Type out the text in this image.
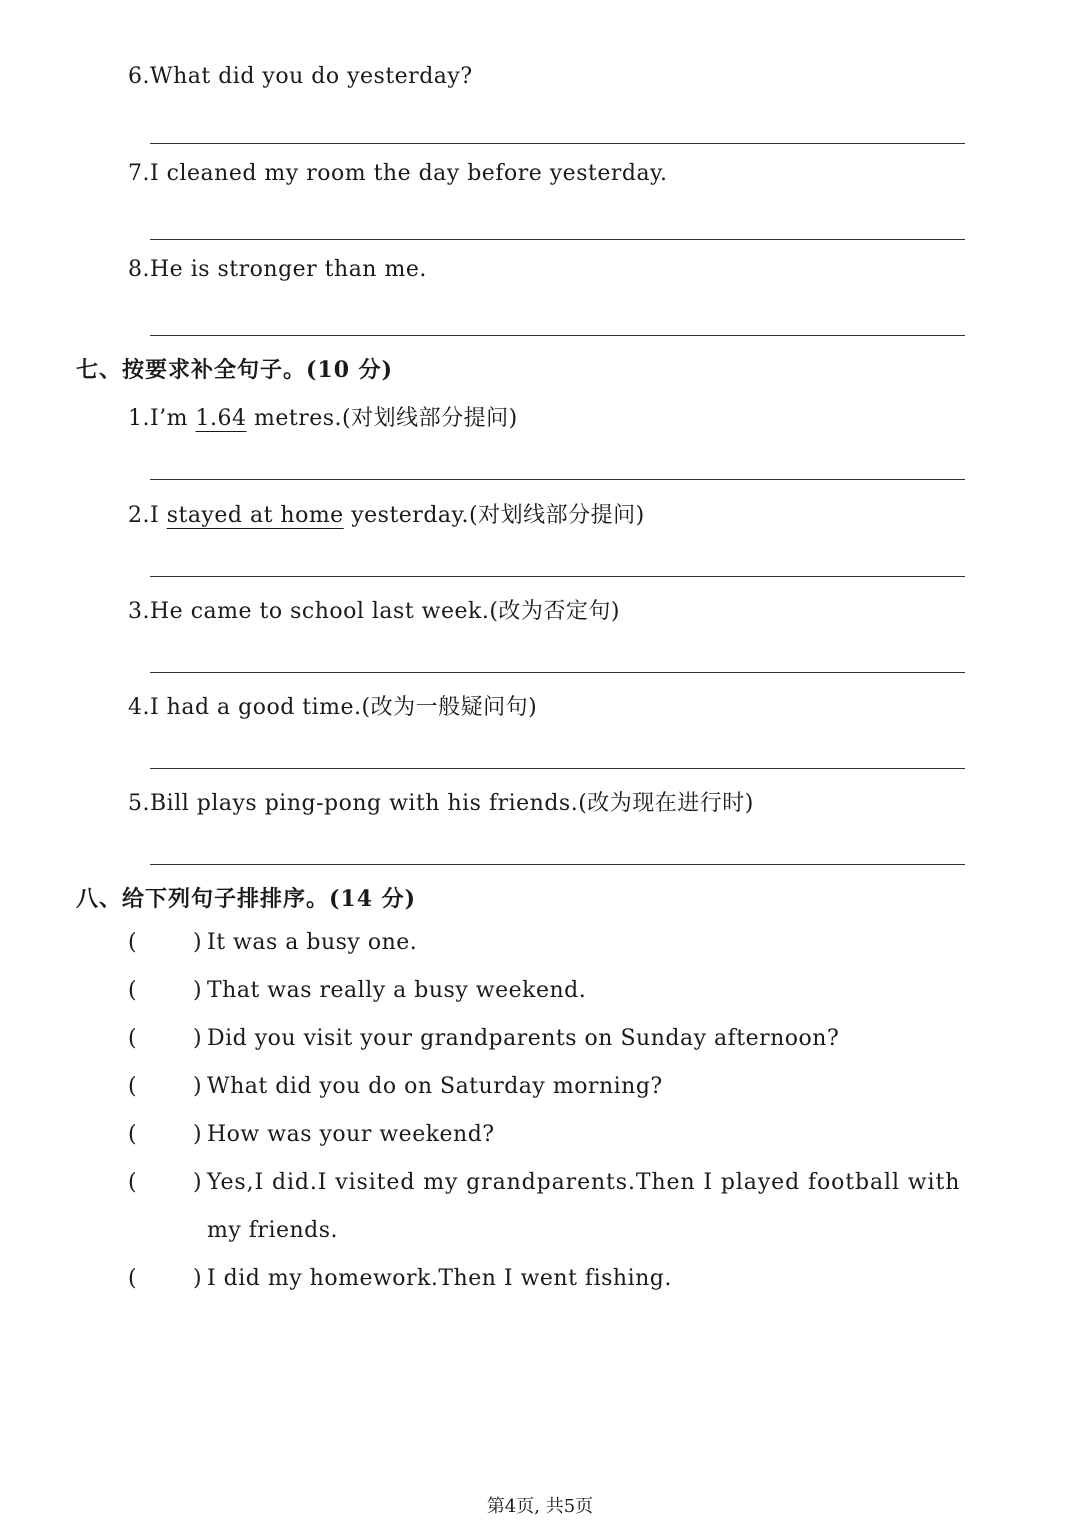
6.What did you do yesterday?
7.I cleaned my room the day before yesterday.
8.He is stronger than me.
七、按要求补全句子。(10 分)
1.I’m 1.64 metres.(对划线部分提问)
2.I stayed at home yesterday.(对划线部分提问)
3.He came to school last week.(改为否定句)
4.I had a good time.(改为一般疑问句)
5.Bill plays ping-pong with his friends.(改为现在进行时)
八、给下列句子排排序。(14 分)
(	) It was a busy one.
(	) That was really a busy weekend.
(	) Did you visit your grandparents on Sunday afternoon?
(	) What did you do on Saturday morning?
(	) How was your weekend?
(	) Yes,I did.I visited my grandparents.Then I played football with
my friends.
(	) I did my homework.Then I went fishing.
第4页, 共5页
